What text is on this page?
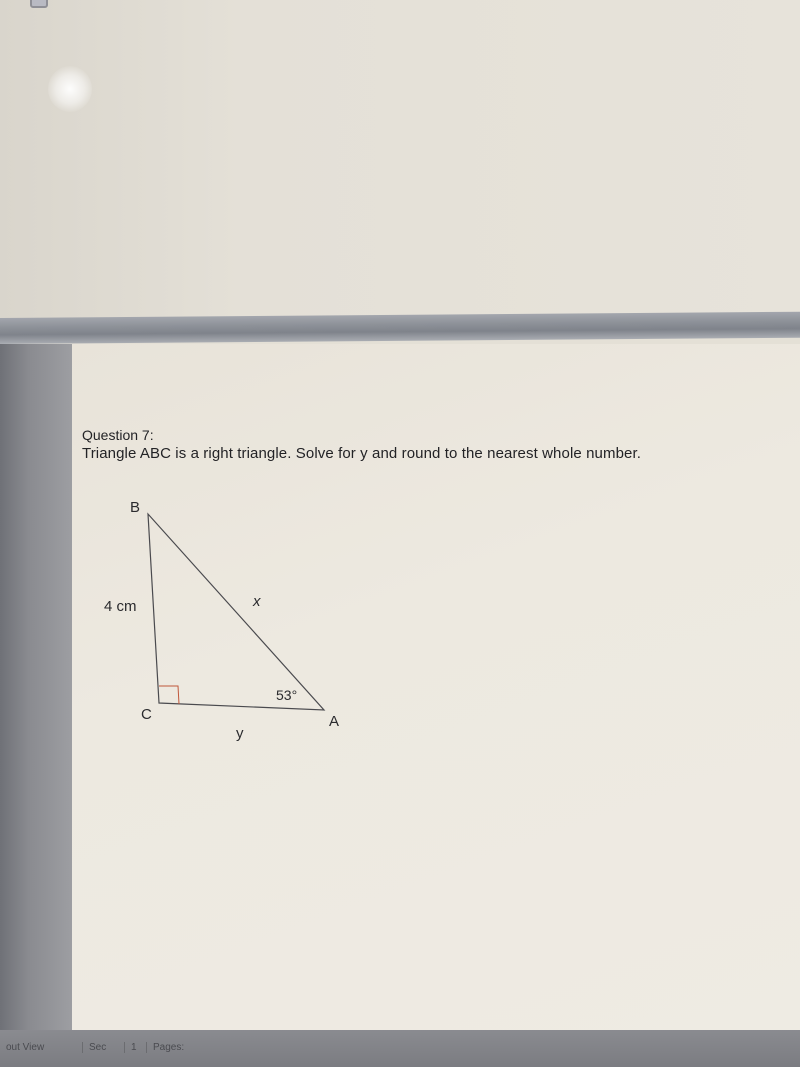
Question 7:

Triangle ABC is a right triangle. Solve for y and round to the nearest whole number.

B
C	A
4 cm	x
y
53°
out View	Sec	1	Pages:
